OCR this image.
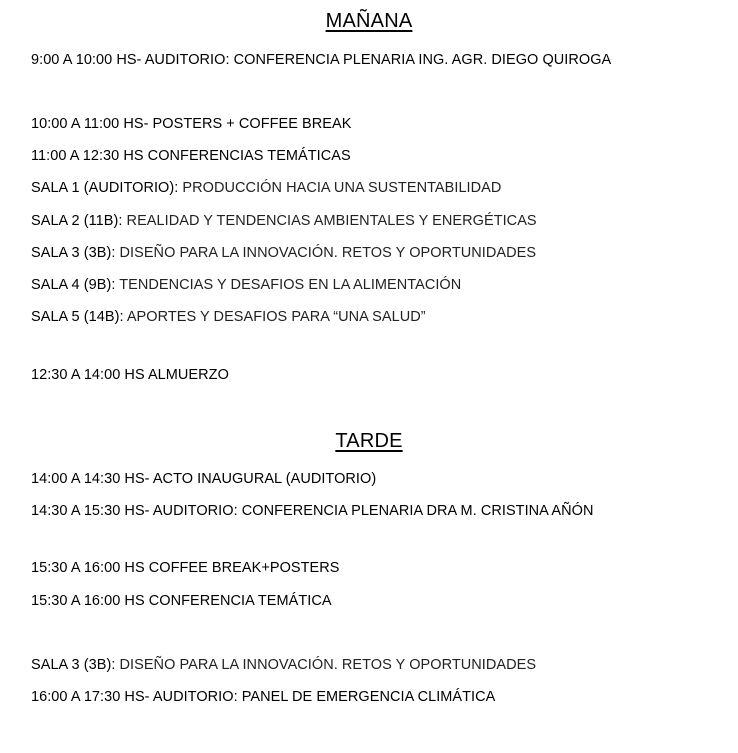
MAÑANA
9:00 A 10:00 HS- AUDITORIO: CONFERENCIA PLENARIA ING. AGR. DIEGO QUIROGA
10:00 A 11:00 HS- POSTERS + COFFEE BREAK
11:00 A 12:30 HS CONFERENCIAS TEMÁTICAS
SALA 1 (AUDITORIO): PRODUCCIÓN HACIA UNA SUSTENTABILIDAD
SALA 2 (11B): REALIDAD Y TENDENCIAS AMBIENTALES Y ENERGÉTICAS
SALA 3 (3B): DISEÑO PARA LA INNOVACIÓN. RETOS Y OPORTUNIDADES
SALA 4 (9B): TENDENCIAS Y DESAFIOS EN LA ALIMENTACIÓN
SALA 5 (14B): APORTES Y DESAFIOS PARA “UNA SALUD”
12:30 A 14:00 HS ALMUERZO
TARDE
14:00 A 14:30 HS- ACTO INAUGURAL (AUDITORIO)
14:30 A 15:30 HS- AUDITORIO: CONFERENCIA PLENARIA DRA M. CRISTINA AÑÓN
15:30 A 16:00 HS COFFEE BREAK+POSTERS
15:30 A 16:00 HS CONFERENCIA TEMÁTICA
SALA 3 (3B): DISEÑO PARA LA INNOVACIÓN. RETOS Y OPORTUNIDADES
16:00 A 17:30 HS- AUDITORIO: PANEL DE EMERGENCIA CLIMÁTICA
